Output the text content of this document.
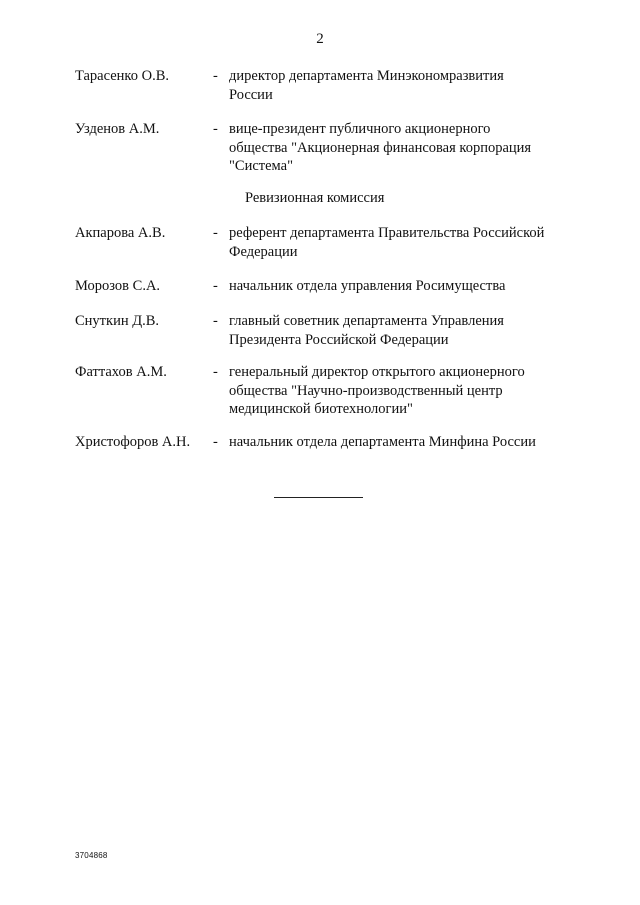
2
Тарасенко О.В.	- директор департамента Минэкономразвития
России
Узденов А.М.	- вице-президент публичного акционерного
общества "Акционерная финансовая корпорация
"Система"
Ревизионная комиссия
Акпарова А.В.	- референт департамента Правительства Российской
Федерации
Морозов С.А.	- начальник отдела управления Росимущества
Снyткин Д.В.	- главный советник департамента Управления
Президента Российской Федерации
Фаттахов А.М.	- генеральный директор открытого акционерного
общества "Научно-производственный центр
медицинской биотехнологии"
Христофоров А.Н. - начальник отдела департамента Минфина России
3704868
